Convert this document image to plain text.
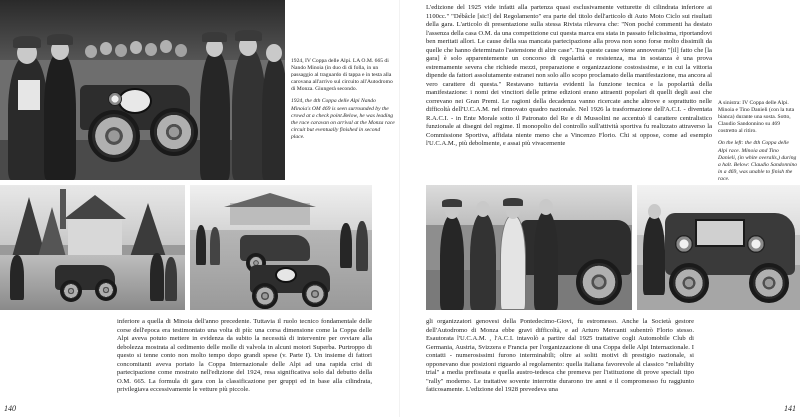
1924, IV Coppa delle Alpi. LA O.M. 665 di Nando Minoia (in duo di di folla, in un passaggio al traguardo di tappa e in testa alla carovana all'arrivo sul circuito all'Autodromo di Monza. Giungerà secondo.

1924, the 4th Coppa delle Alpi Nando Minoia's OM 469 is seen surrounded by the crowd at a check point.Below, he was leading the race caravan on arrival at the Monza race circuit but eventually finished in second place.

inferiore a quella di Minoia dell'anno precedente. Tuttavia il ruolo tecnico fondamentale delle corse dell'epoca era testimoniato una volta di più: una corsa dimensione come la Coppa delle Alpi aveva potuto mettere in evidenza da subito la necessità di intervenire per ovviare alla debolezza mostrata al cedimento delle molle di valvola in alcuni motori Superba. Purtroppo di questo si tenne conto non molto tempo dopo grandi spese (v. Parte I). Un insieme di fattori concomitanti aveva portato la Coppa Internazionale delle Alpi ad una rapida crisi di partecipazione come mostrato nell'edizione del 1924, resa significativa solo dal debutto della O.M. 665. La formula di gara con la classificazione per gruppi ed in base alla cilindrata, privilegiava eccessivamente le vetture più piccole.
140
L'edizione del 1925 vide infatti alla partenza quasi esclusivamente vetturette di cilindrata inferiore ai 1100cc." "Débâcle [sic!] del Regolamento" era parte del titolo dell'articolo di Auto Moto Ciclo sui risultati della gara. L'articolo di presentazione sulla stessa Rivista rilevava che: "Non poché commenti ha destato l'assenza della casa O.M. da una competizione cui questa marca era stata in passato felicissima, riportandovi ben meritati allori. Le cause della sua mancata partecipazione alla prova non sono forse molto dissimili da quelle che hanno determinato l'astensione di altre case". Tra queste cause viene annoverato "[il] fatto che [la gara] è solo apparentemente un concorso di regolarità e resistenza, ma in sostanza è una prova estremamente severa che richiede mezzi, preparazione e organizzazione costosissime, e in cui la vittoria dipende da fattori assolutamente estranei non solo allo scopo proclamato della manifestazione, ma ancora al vero carattere di questa." Restavano tuttavia evidenti la funzione tecnica e la popolarità della manifestazione: i nomi dei vincitori delle prime edizioni erano attraenti popolari di quelli degli assi che correvano nei Gran Premi. Le ragioni della decadenza vanno ricercate anche altrove e soprattutto nelle difficoltà dell'U.C.A.M. nel rinnovato quadro nazionale. Nel 1926 la trasformazione dell'A.C.I. - diventata R.A.C.I. - in Ente Morale sotto il Patronato del Re e di Mussolini ne accentuò il carattere centralistico funzionale ai disegni del regime. Il monopolio del controllo sull'attività sportiva fu realizzato attraverso la Commissione Sportiva, affidata niente meno che a Vincenzo Florio. Chi si oppose, come ad esempio l'U.C.A.M., più debolmente, e assai più vivacemente

A sinistra: IV Coppa delle Alpi. Minoia e Tino Danieli (con la tuta bianca) durante una sosta. Sotto, Claudio Sandonnino su 469 costretto al ritiro.

On the left: the 4th Coppa delle Alpi race. Minoia and Tino Danieli, (in white overalls,) during a halt. Below: Claudio Sandonnino in a 469, was unable to finish the race.

gli organizzatori genovesi della Pontedecimo-Giovi, fu estromesso. Anche la Società gestore dell'Autodromo di Monza ebbe gravi difficoltà, e ad Arturo Mercanti subentrò Florio stesso. Esautorata l'U.C.A.M. , l'A.C.I. intavolò a partire dal 1925 trattative cogli Automobile Club di Germania, Austria, Svizzera e Francia per l'organizzazione di una Coppa delle Alpi Internazionale. I contatti - numerosissimi furono interminabili; oltre ai soliti motivi di prestigio nazionale, si opponevano due posizioni riguardo al regolamento: quella italiana favorevole al classico "reliability trial" a media prefissata e quella austro-tedesca che premeva per l'istituzione di prove speciali tipo "rally" moderno. Le trattative sovente interrotte durarono tre anni e il compromesso fu raggiunto faticosamente. L'edizione del 1928 prevedeva una
141
